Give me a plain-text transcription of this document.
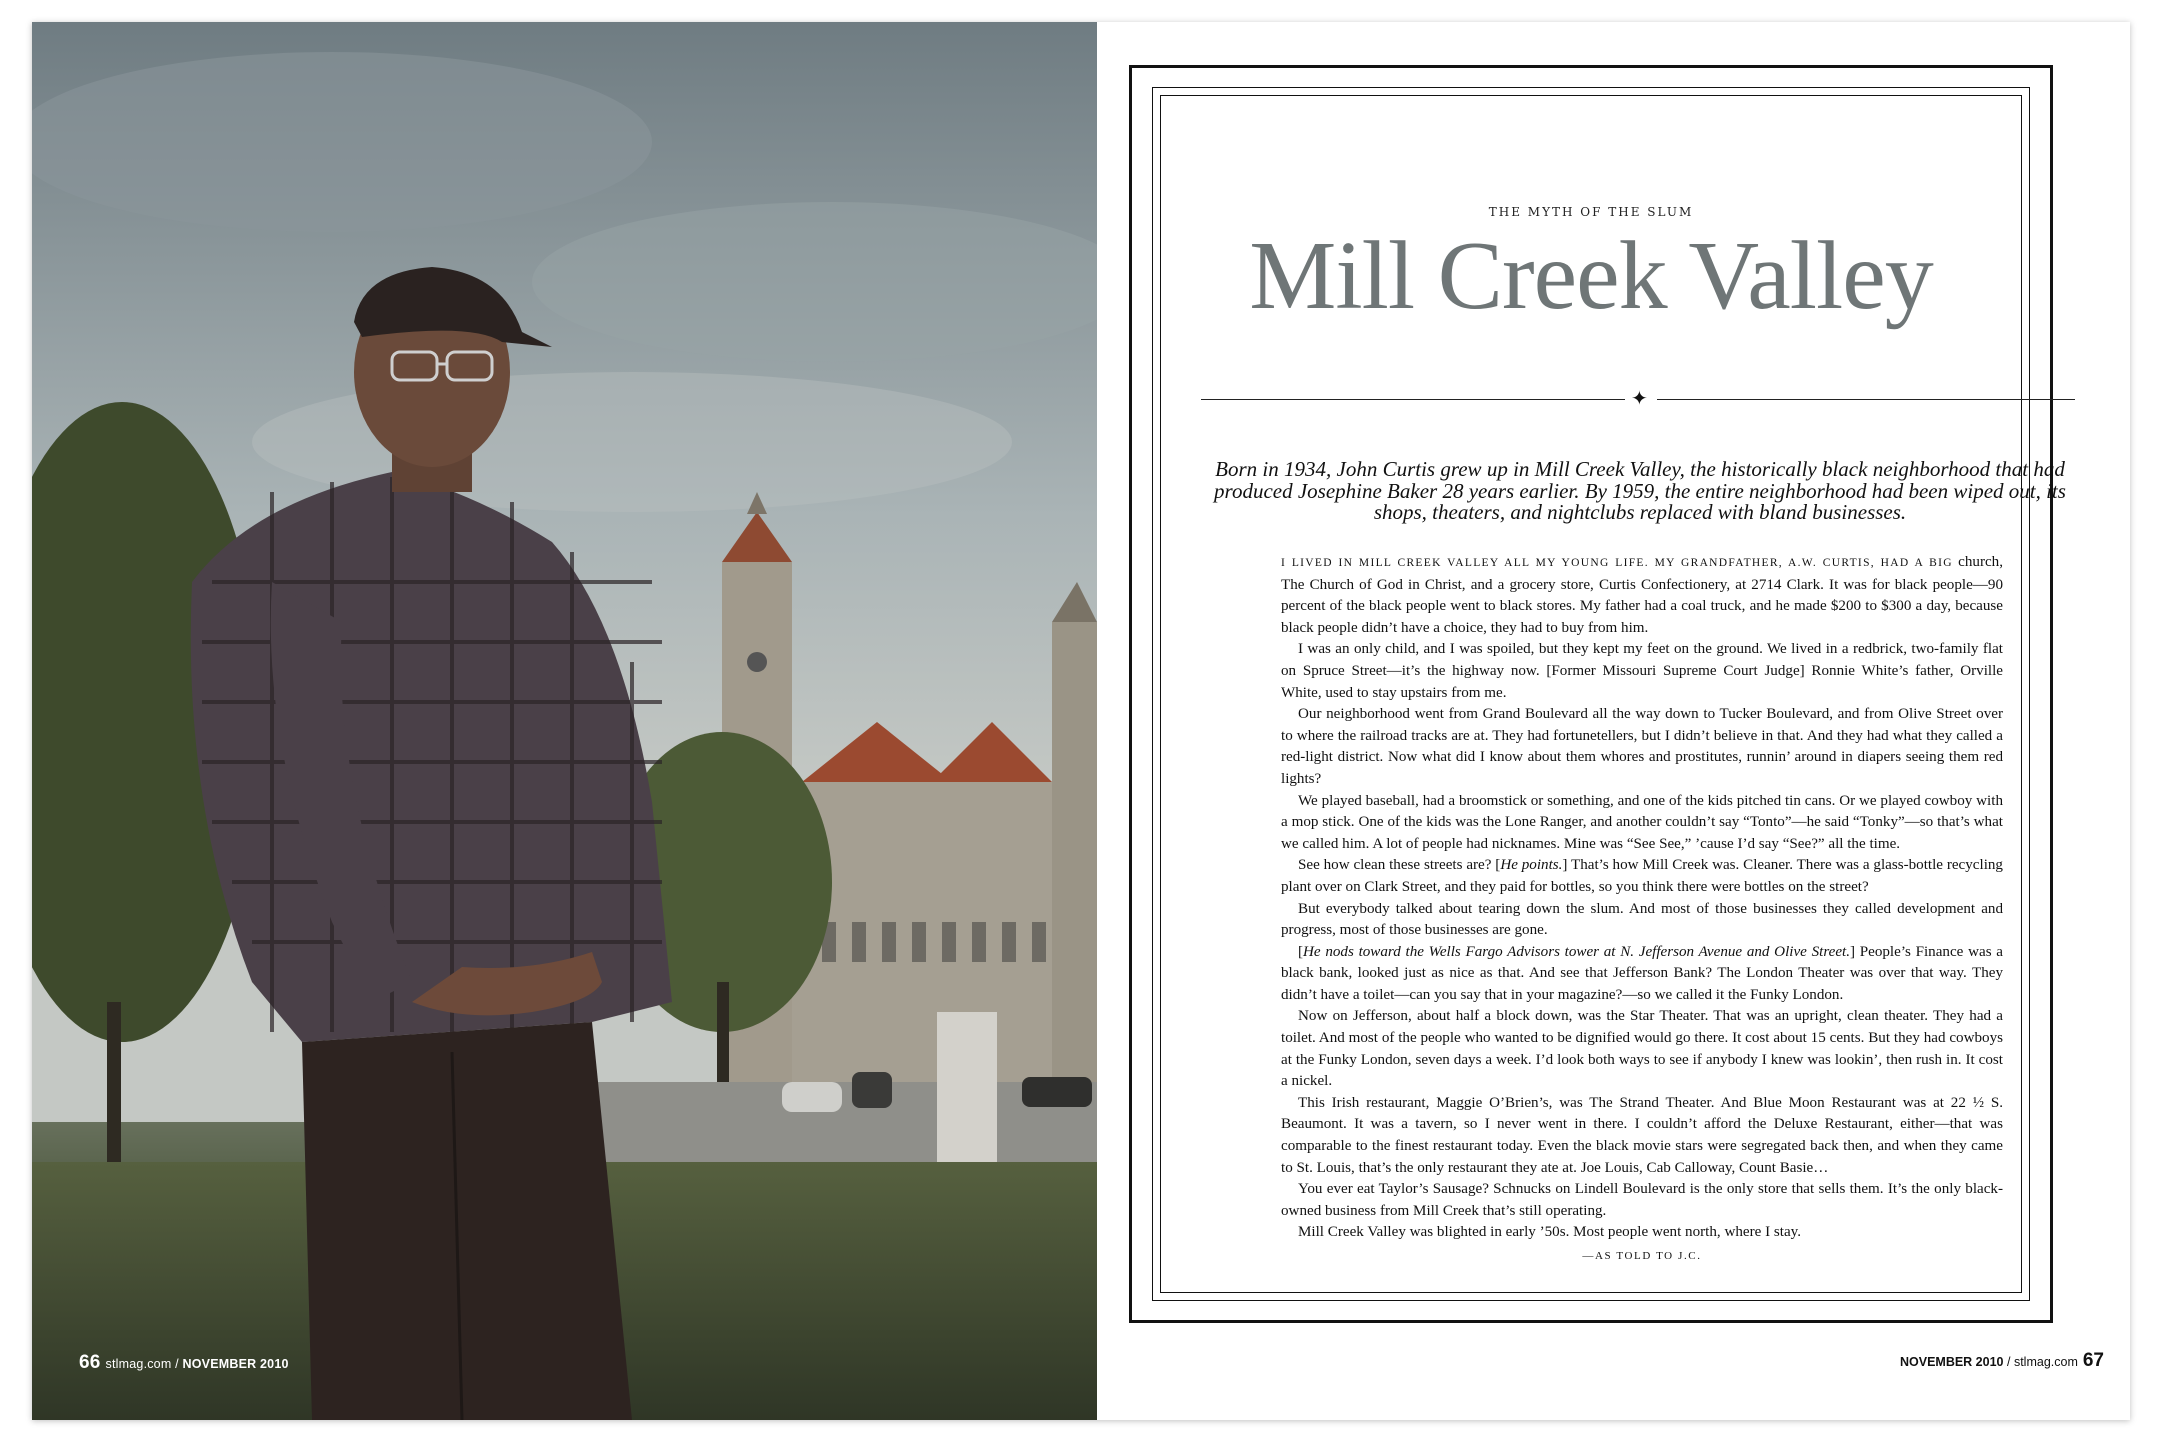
66 stlmag.com / NOVEMBER 2010
THE MYTH OF THE SLUM
Mill Creek Valley
✦
Born in 1934, John Curtis grew up in Mill Creek Valley, the historically black neighborhood that had produced Josephine Baker 28 years earlier. By 1959, the entire neighborhood had been wiped out, its shops, theaters, and nightclubs replaced with bland businesses.

I LIVED IN MILL CREEK VALLEY ALL MY YOUNG LIFE. MY GRANDFATHER, A.W. CURTIS, HAD A BIG church, The Church of God in Christ, and a grocery store, Curtis Confectionery, at 2714 Clark. It was for black people—90 percent of the black people went to black stores. My father had a coal truck, and he made $200 to $300 a day, because black people didn’t have a choice, they had to buy from him.

I was an only child, and I was spoiled, but they kept my feet on the ground. We lived in a redbrick, two-family flat on Spruce Street—it’s the highway now. [Former Missouri Supreme Court Judge] Ronnie White’s father, Orville White, used to stay upstairs from me.

Our neighborhood went from Grand Boulevard all the way down to Tucker Boulevard, and from Olive Street over to where the railroad tracks are at. They had fortunetellers, but I didn’t believe in that. And they had what they called a red-light district. Now what did I know about them whores and prostitutes, runnin’ around in diapers seeing them red lights?

We played baseball, had a broomstick or something, and one of the kids pitched tin cans. Or we played cowboy with a mop stick. One of the kids was the Lone Ranger, and another couldn’t say “Tonto”—he said “Tonky”—so that’s what we called him. A lot of people had nicknames. Mine was “See See,” ’cause I’d say “See?” all the time.

See how clean these streets are? [He points.] That’s how Mill Creek was. Cleaner. There was a glass-bottle recycling plant over on Clark Street, and they paid for bottles, so you think there were bottles on the street?

But everybody talked about tearing down the slum. And most of those businesses they called development and progress, most of those businesses are gone.

[He nods toward the Wells Fargo Advisors tower at N. Jefferson Avenue and Olive Street.] People’s Finance was a black bank, looked just as nice as that. And see that Jefferson Bank? The London Theater was over that way. They didn’t have a toilet—can you say that in your magazine?—so we called it the Funky London.

Now on Jefferson, about half a block down, was the Star Theater. That was an upright, clean theater. They had a toilet. And most of the people who wanted to be dignified would go there. It cost about 15 cents. But they had cowboys at the Funky London, seven days a week. I’d look both ways to see if anybody I knew was lookin’, then rush in. It cost a nickel.

This Irish restaurant, Maggie O’Brien’s, was The Strand Theater. And Blue Moon Restaurant was at 22 ½ S. Beaumont. It was a tavern, so I never went in there. I couldn’t afford the Deluxe Restaurant, either—that was comparable to the finest restaurant today. Even the black movie stars were segregated back then, and when they came to St. Louis, that’s the only restaurant they ate at. Joe Louis, Cab Calloway, Count Basie…

You ever eat Taylor’s Sausage? Schnucks on Lindell Boulevard is the only store that sells them. It’s the only black-owned business from Mill Creek that’s still operating.

Mill Creek Valley was blighted in early ’50s. Most people went north, where I stay.

—AS TOLD TO J.C.

NOVEMBER 2010 / stlmag.com 67
